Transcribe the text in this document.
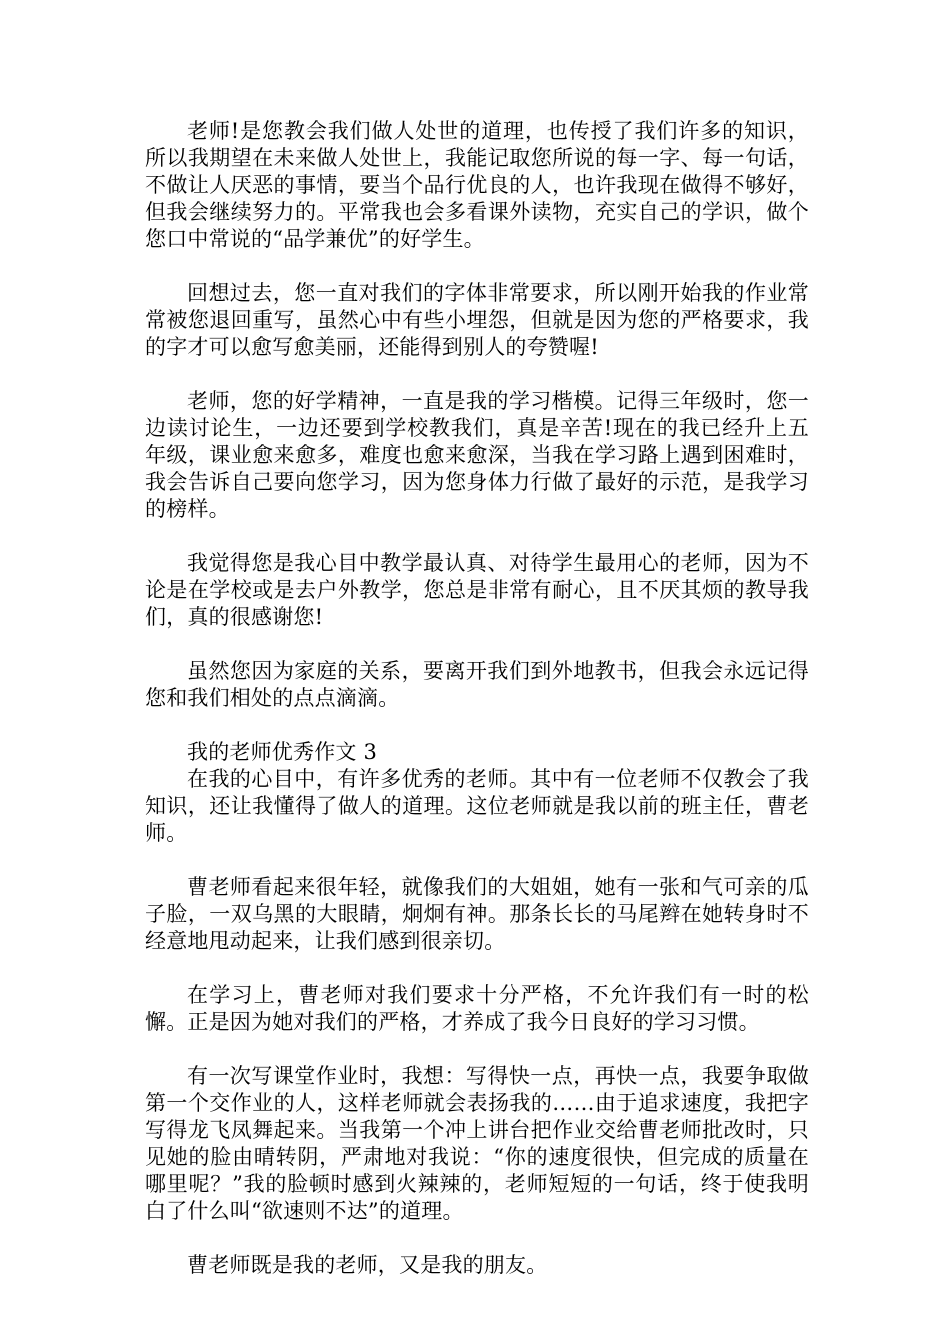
老师!是您教会我们做人处世的道理，也传授了我们许多的知识，所以我期望在未来做人处世上，我能记取您所说的每一字、每一句话，不做让人厌恶的事情，要当个品行优良的人，也许我现在做得不够好，但我会继续努力的。平常我也会多看课外读物，充实自己的学识，做个您口中常说的“品学兼优”的好学生。

回想过去，您一直对我们的字体非常要求，所以刚开始我的作业常常被您退回重写，虽然心中有些小埋怨，但就是因为您的严格要求，我的字才可以愈写愈美丽，还能得到别人的夸赞喔!

老师，您的好学精神，一直是我的学习楷模。记得三年级时，您一边读讨论生，一边还要到学校教我们，真是辛苦!现在的我已经升上五年级，课业愈来愈多，难度也愈来愈深，当我在学习路上遇到困难时，我会告诉自己要向您学习，因为您身体力行做了最好的示范，是我学习的榜样。

我觉得您是我心目中教学最认真、对待学生最用心的老师，因为不论是在学校或是去户外教学，您总是非常有耐心，且不厌其烦的教导我们，真的很感谢您!

虽然您因为家庭的关系，要离开我们到外地教书，但我会永远记得您和我们相处的点点滴滴。

我的老师优秀作文 3

在我的心目中，有许多优秀的老师。其中有一位老师不仅教会了我知识，还让我懂得了做人的道理。这位老师就是我以前的班主任，曹老师。

曹老师看起来很年轻，就像我们的大姐姐，她有一张和气可亲的瓜子脸，一双乌黑的大眼睛，炯炯有神。那条长长的马尾辫在她转身时不经意地甩动起来，让我们感到很亲切。

在学习上，曹老师对我们要求十分严格，不允许我们有一时的松懈。正是因为她对我们的严格，才养成了我今日良好的学习习惯。

有一次写课堂作业时，我想：写得快一点，再快一点，我要争取做第一个交作业的人，这样老师就会表扬我的……由于追求速度，我把字写得龙飞凤舞起来。当我第一个冲上讲台把作业交给曹老师批改时，只见她的脸由晴转阴，严肃地对我说：“你的速度很快，但完成的质量在哪里呢？”我的脸顿时感到火辣辣的，老师短短的一句话，终于使我明白了什么叫“欲速则不达”的道理。

曹老师既是我的老师，又是我的朋友。
